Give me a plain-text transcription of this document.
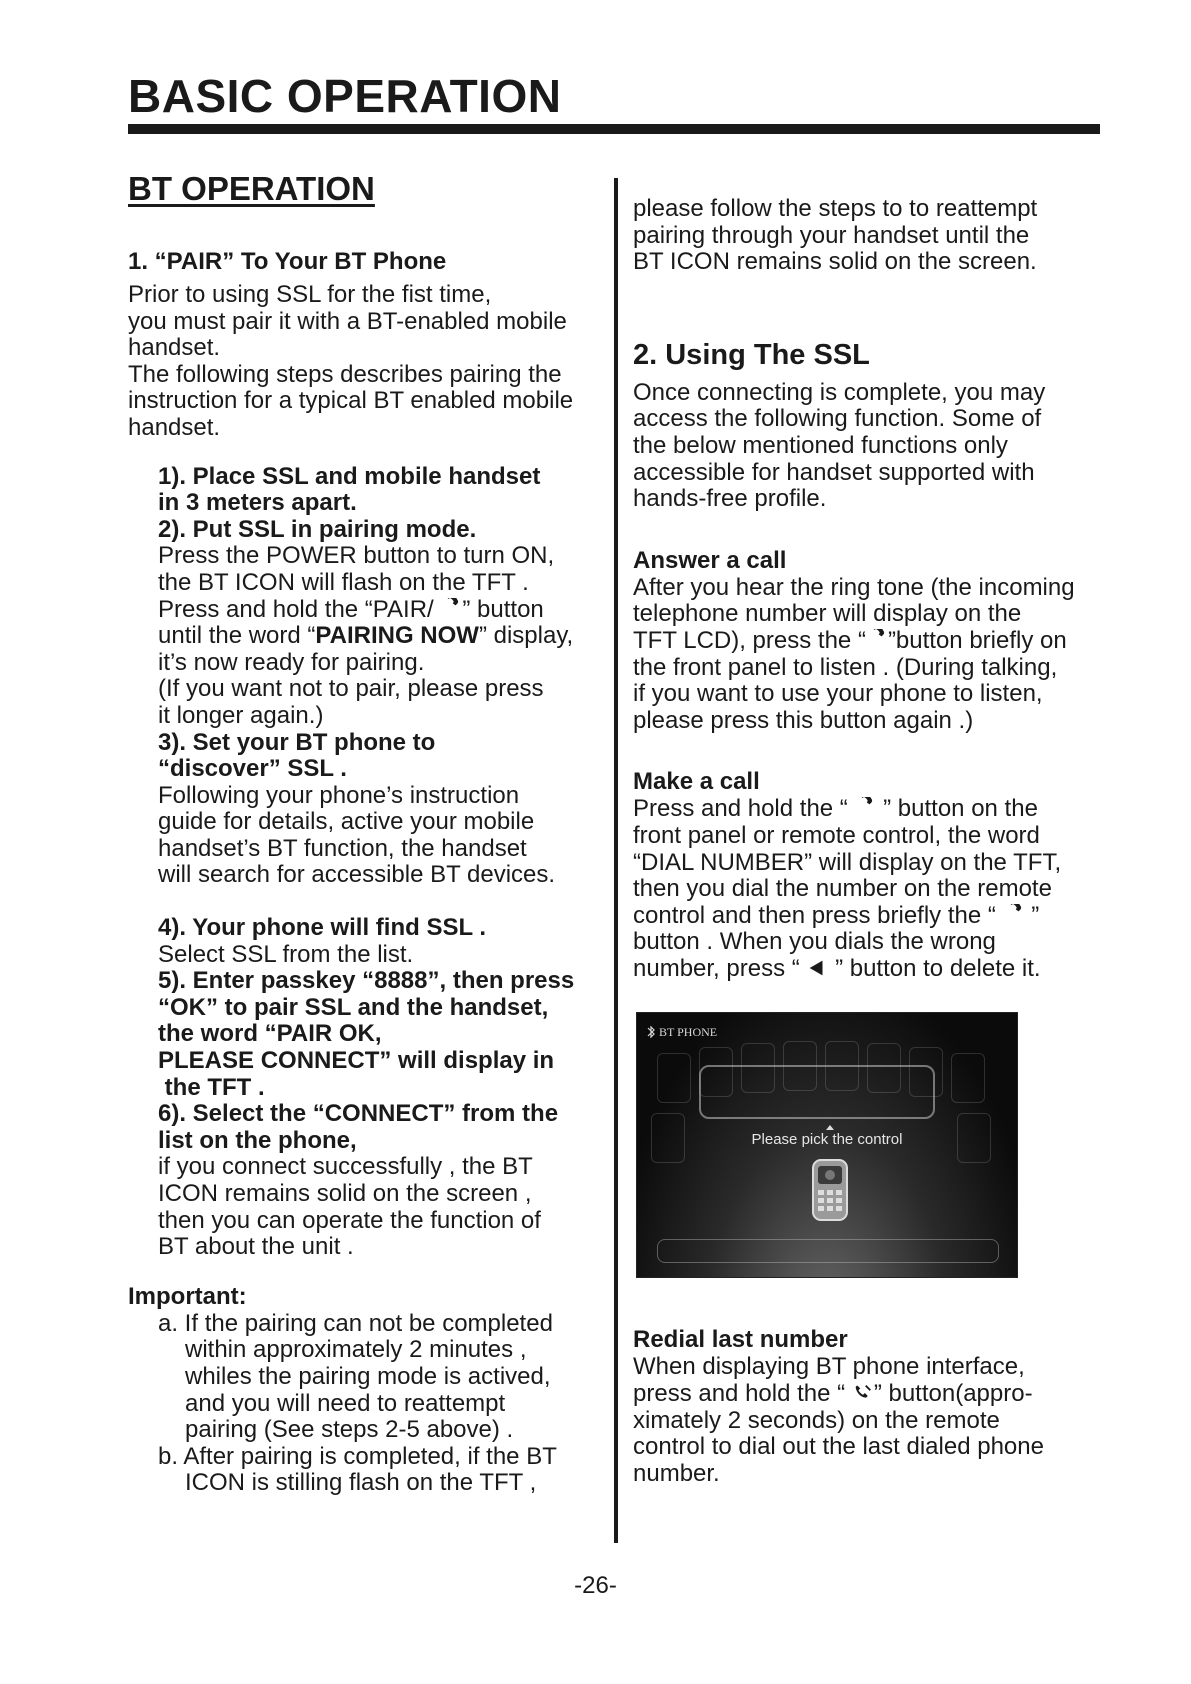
BASIC OPERATION
BT OPERATION

1. “PAIR” To Your BT Phone

Prior to using SSL for the fist time,
you must pair it with a BT-enabled mobile
handset.
The following steps describes pairing the
instruction for a typical BT enabled mobile
handset.

1). Place SSL and mobile handset
in 3 meters apart.
2). Put SSL in pairing mode.
Press the POWER button to turn ON,
the BT ICON will flash on the TFT .
Press and hold the “PAIR/ ” button
until the word “PAIRING NOW” display,
it’s now ready for pairing.
(If you want not to pair, please press
it longer again.)
3). Set your BT phone to
“discover” SSL .
Following your phone’s instruction
guide for details, active your mobile
handset’s BT function, the handset
will search for accessible BT devices.
4). Your phone will find SSL .
Select SSL from the list.
5). Enter passkey “8888”, then press
“OK” to pair SSL and the handset,
the word “PAIR OK,
PLEASE CONNECT” will display in
the TFT .
6). Select the “CONNECT” from the
list on the phone,
if you connect successfully , the BT
ICON remains solid on the screen ,
then you can operate the function of
BT about the unit .

Important:

a. If the pairing can not be completed
within approximately 2 minutes ,
whiles the pairing mode is actived,
and you will need to reattempt
pairing (See steps 2-5 above) .
b. After pairing is completed, if the BT
ICON is stilling flash on the TFT ,

please follow the steps to to reattempt
pairing through your handset until the
BT ICON remains solid on the screen.

2. Using The SSL

Once connecting is complete, you may
access the following function. Some of
the below mentioned functions only
accessible for handset supported with
hands-free profile.

Answer a call

After you hear the ring tone (the incoming
telephone number will display on the
TFT LCD), press the “ ”button briefly on
the front panel to listen . (During talking,
if you want to use your phone to listen,
please press this button again .)

Make a call

Press and hold the “  ” button on the
front panel or remote control, the word
“DIAL NUMBER” will display on the TFT,
then you dial the number on the remote
control and then press briefly the “  ”
button . When you dials the wrong
number, press “  ” button to delete it.

BT PHONE
Please pick the control

Redial last number

When displaying BT phone interface,
press and hold the “ ” button(appro-
ximately 2 seconds) on the remote
control to dial out the last dialed phone
number.

-26-
